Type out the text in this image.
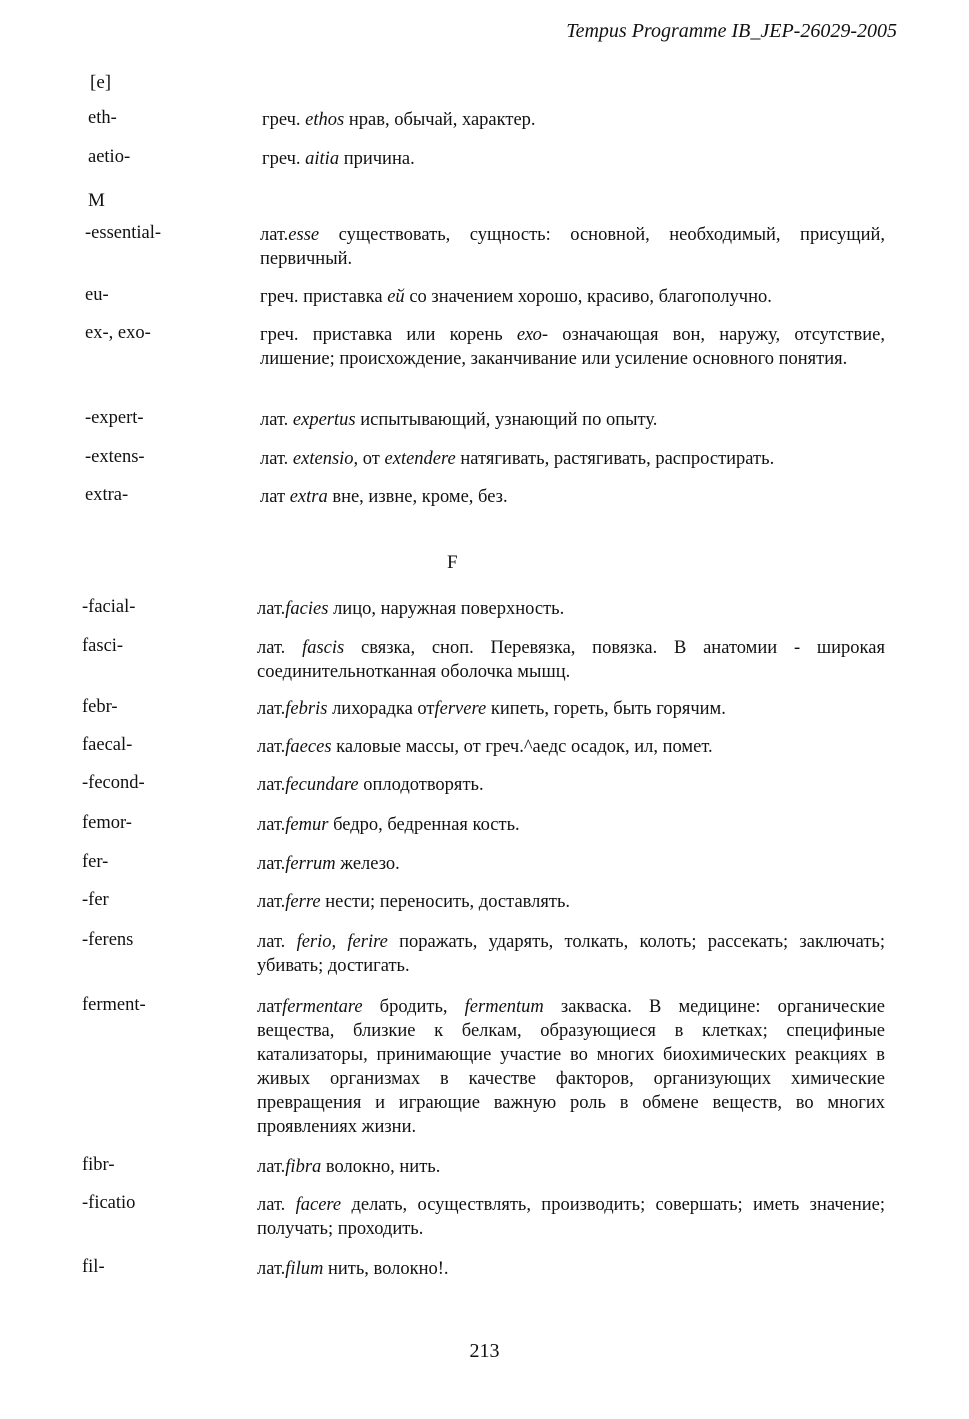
Tempus Programme IB_JEP-26029-2005
[e]
M
F
eth-	греч. ethos нрав, обычай, характер.
aetio-	греч. aitia причина.
-essential-	лат.esse существовать, сущность: основной, необходимый, присущий, первичный.
eu-	греч. приставка ей со значением хорошо, красиво, благополучно.
ex-, exo-	греч. приставка или корень ехо- означающая вон, наружу, отсутствие, лишение; происхождение, заканчивание или усиление основного понятия.
-expert-	лат. expertus испытывающий, узнающий по опыту.
-extens-	лат. extensio, от extendere натягивать, растягивать, распростирать.
extra-	лат extra вне, извне, кроме, без.
-facial-	лат.facies лицо, наружная поверхность.
fasci-	лат. fascis связка, сноп. Перевязка, повязка. В анатомии - широкая соединительнотканная оболочка мышц.
febr-	лат.febris лихорадка отfervere кипеть, гореть, быть горячим.
faecal-	лат.faeces каловые массы, от греч.^аедс осадок, ил, помет.
-fecond-	лат.fecundare оплодотворять.
femor-	лат.femur бедро, бедренная кость.
fer-	лат.ferrum железо.
-fer	лат.ferre нести; переносить, доставлять.
-ferens	лат. ferio, ferire поражать, ударять, толкать, колоть; рассекать; заключать; убивать; достигать.
ferment-	латfermentare бродить, fermentum закваска. В медицине: органические вещества, близкие к белкам, образующиеся в клетках; специфиные катализаторы, принимающие участие во многих биохимических реакциях в живых организмах в качестве факторов, организующих химические превращения и играющие важную роль в обмене веществ, во многих проявлениях жизни.
fibr-	лат.fibra волокно, нить.
-ficatio	лат. facere делать, осуществлять, производить; совершать; иметь значение; получать; проходить.
fil-	лат.filum нить, волокно!.
213
